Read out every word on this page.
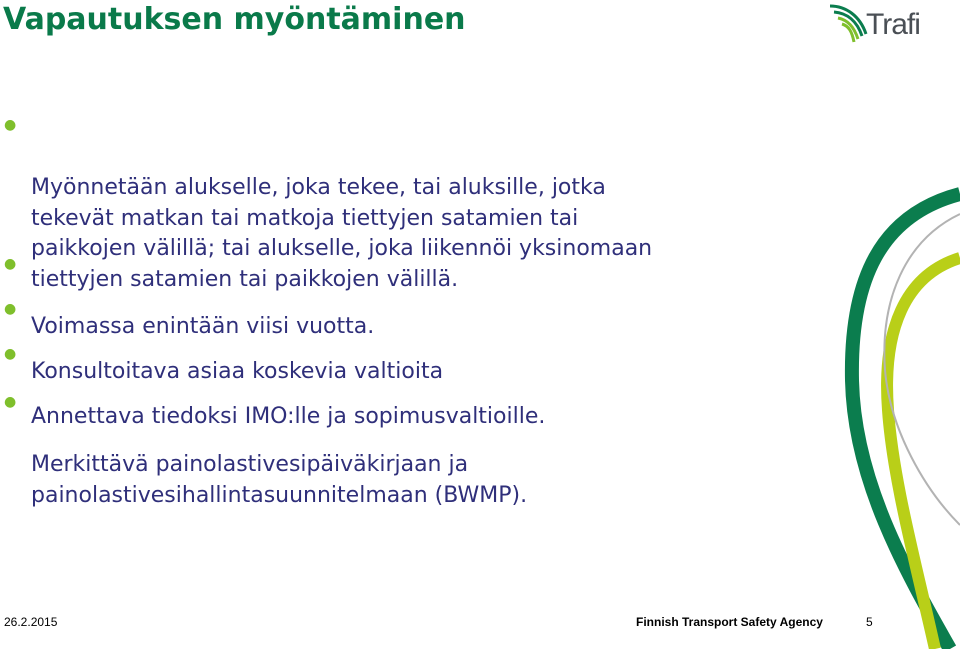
Vapautuksen myöntäminen	Trafi

●

Myönnetään alukselle, joka tekee, tai aluksille, jotka
tekevät matkan tai matkoja tiettyjen satamien tai
paikkojen välillä; tai alukselle, joka liikennöi yksinomaan
tiettyjen satamien tai paikkojen välillä.

●

Voimassa enintään viisi vuotta.

●

Konsultoitava asiaa koskevia valtioita

●

Annettava tiedoksi IMO:lle ja sopimusvaltioille.

●

Merkittävä painolastivesipäiväkirjaan ja
painolastivesihallintasuunnitelmaan (BWMP).

26.2.2015	Finnish Transport Safety Agency	5
